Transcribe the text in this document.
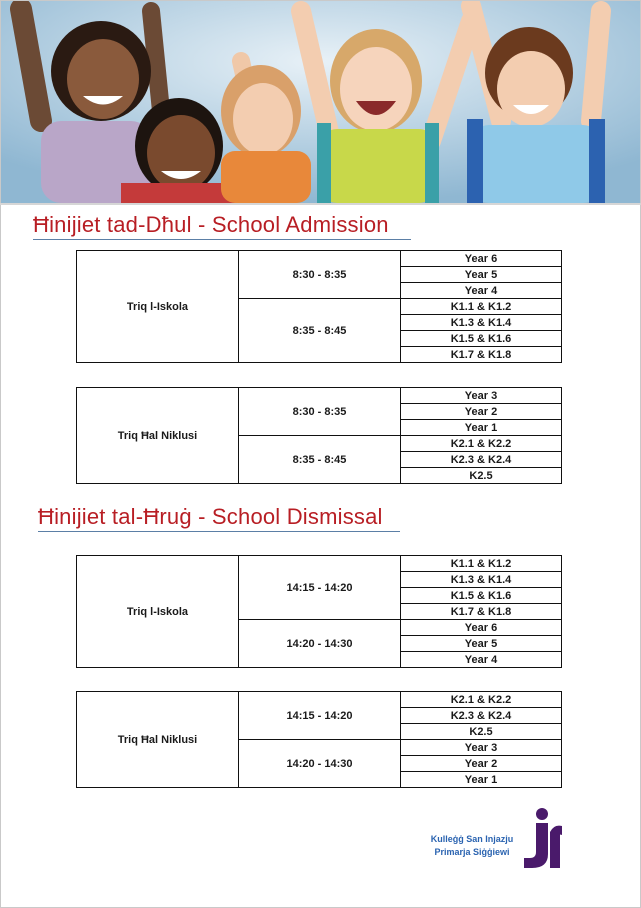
Ħinijiet tad-Dħul - School Admission
Triq l-Iskola	8:30 - 8:35	Year 6
		Year 5
		Year 4
	8:35 - 8:45	K1.1 & K1.2
		K1.3 & K1.4
		K1.5 & K1.6
		K1.7 & K1.8
Triq Ħal Niklusi	8:30 - 8:35	Year 3
		Year 2
		Year 1
	8:35 - 8:45	K2.1 & K2.2
		K2.3 & K2.4
		K2.5
Ħinijiet tal-Ħruġ - School Dismissal
Triq l-Iskola	14:15 - 14:20	K1.1 & K1.2
		K1.3 & K1.4
		K1.5 & K1.6
		K1.7 & K1.8
	14:20 - 14:30	Year 6
		Year 5
		Year 4
Triq Ħal Niklusi	14:15 - 14:20	K2.1 & K2.2
		K2.3 & K2.4
		K2.5
	14:20 - 14:30	Year 3
		Year 2
		Year 1
Kulleġġ San Injazju
Primarja Siġġiewi
